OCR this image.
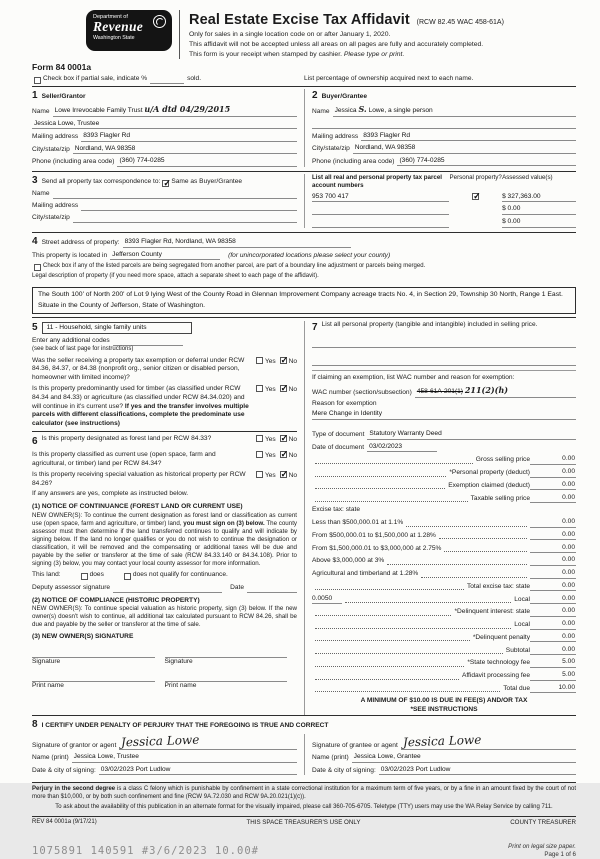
Department of
Revenue
Washington State
Real Estate Excise Tax Affidavit (RCW 82.45 WAC 458-61A)
Only for sales in a single location code on or after January 1, 2020.
This affidavit will not be accepted unless all areas on all pages are fully and accurately completed.
This form is your receipt when stamped by cashier. Please type or print.
Form 84 0001a
Check box if partial sale, indicate %	sold.	List percentage of ownership acquired next to each name.
1 Seller/Grantor
Name Lowe Irrevocable Family Trust u/A dtd 04/29/2015
Jessica Lowe, Trustee
Mailing address 8393 Flagler Rd
City/state/zip Nordland, WA 98358
Phone (including area code) (360) 774-0285
2 Buyer/Grantee
Name Jessica S. Lowe, a single person
Mailing address 8393 Flagler Rd
City/state/zip Nordland, WA 98358
Phone (including area code) (360) 774-0285
3 Send all property tax correspondence to: ✓ Same as Buyer/Grantee
Name
Mailing address
City/state/zip
List all real and personal property tax parcel account numbers
Personal property? Assessed value(s)
953 700 417 ✓	$ 327,363.00
$ 0.00
$ 0.00
4 Street address of property: 8393 Flagler Rd, Nordland, WA 98358
This property is located in Jefferson County	(for unincorporated locations please select your county)
Check box if any of the listed parcels are being segregated from another parcel, are part of a boundary line adjustment or parcels being merged.
Legal description of property (if you need more space, attach a separate sheet to each page of the affidavit).
The South 100' of North 200' of Lot 9 lying West of the County Road in Glennan Improvement Company acreage tracts No. 4, in Section 29, Township 30 North, Range 1 East.
Situate in the County of Jefferson, State of Washington.
5	11 - Household, single family units
Enter any additional codes
(see back of last page for instructions)
Was the seller receiving a property tax exemption or deferral under RCW 84.36, 84.37, or 84.38 (nonprofit org., senior citizen or disabled person, homeowner with limited income)?
Yes ✓ No
Is this property predominantly used for timber (as classified under RCW 84.34 and 84.33) or agriculture (as classified under RCW 84.34.020) and will continue in it's current use? If yes and the transfer involves multiple parcels with different classifications, complete the predominate use calculator (see instructions)
Yes ✓ No
6 Is this property designated as forest land per RCW 84.33?	Yes ✓ No
Is this property classified as current use (open space, farm and agricultural, or timber) land per RCW 84.34?
Yes ✓ No
Is this property receiving special valuation as historical property per RCW 84.26?
Yes ✓ No
If any answers are yes, complete as instructed below.
(1) NOTICE OF CONTINUANCE (FOREST LAND OR CURRENT USE)
NEW OWNER(S): To continue the current designation as forest land or classification as current use (open space, farm and agriculture, or timber) land, you must sign on (3) below. The county assessor must then determine if the land transferred continues to qualify and will indicate by signing below. If the land no longer qualifies or you do not wish to continue the designation or classification, it will be removed and the compensating or additional taxes will be due and payable by the seller or transferor at the time of sale (RCW 84.33.140 or 84.34.108). Prior to signing (3) below, you may contact your local county assessor for more information.
This land:	does	does not qualify for continuance.
Deputy assessor signature	Date
(2) NOTICE OF COMPLIANCE (HISTORIC PROPERTY)
NEW OWNER(S): To continue special valuation as historic property, sign (3) below. If the new owner(s) doesn't wish to continue, all additional tax calculated pursuant to RCW 84.26, shall be due and payable by the seller or transferor at the time of sale.
(3) NEW OWNER(S) SIGNATURE
Signature	Signature
Print name	Print name
7 List all personal property (tangible and intangible) included in selling price.
If claiming an exemption, list WAC number and reason for exemption:
WAC number (section/subsection) 458-61A-201(1) 211(2)(h)
Reason for exemption
Mere Change in Identity
Type of document Statutory Warranty Deed
Date of document 03/02/2023
Gross selling price	0.00
*Personal property (deduct)	0.00
Exemption claimed (deduct)	0.00
Taxable selling price	0.00
Excise tax: state
Less than $500,000.01 at 1.1%	0.00
From $500,000.01 to $1,500,000 at 1.28%	0.00
From $1,500,000.01 to $3,000,000 at 2.75%	0.00
Above $3,000,000 at 3%	0.00
Agricultural and timberland at 1.28%	0.00
Total excise tax: state	0.00
0.0050	Local	0.00
*Delinquent interest: state	0.00
Local	0.00
*Delinquent penalty	0.00
Subtotal	0.00
*State technology fee	5.00
Affidavit processing fee	5.00
Total due	10.00
A MINIMUM OF $10.00 IS DUE IN FEE(S) AND/OR TAX
*SEE INSTRUCTIONS
8 I CERTIFY UNDER PENALTY OF PERJURY THAT THE FOREGOING IS TRUE AND CORRECT
Signature of grantor or agent Jessica Lowe
Name (print) Jessica Lowe, Trustee
Date & city of signing: 03/02/2023 Port Ludlow
Signature of grantee or agent Jessica Lowe
Name (print) Jessica Lowe, Grantee
Date & city of signing: 03/02/2023 Port Ludlow
Perjury in the second degree is a class C felony which is punishable by confinement in a state correctional institution for a maximum term of five years, or by a fine in an amount fixed by the court of not more than $10,000, or by both such confinement and fine (RCW 9A.72.030 and RCW 9A.20.021(1)(c)).
To ask about the availability of this publication in an alternate format for the visually impaired, please call 360-705-6705. Teletype (TTY) users may use the WA Relay Service by calling 711.
REV 84 0001a (9/17/21)	THIS SPACE TREASURER'S USE ONLY	COUNTY TREASURER
1075891 140591 #3/6/2023 10.00#	Print on legal size paper.
Page 1 of 6
